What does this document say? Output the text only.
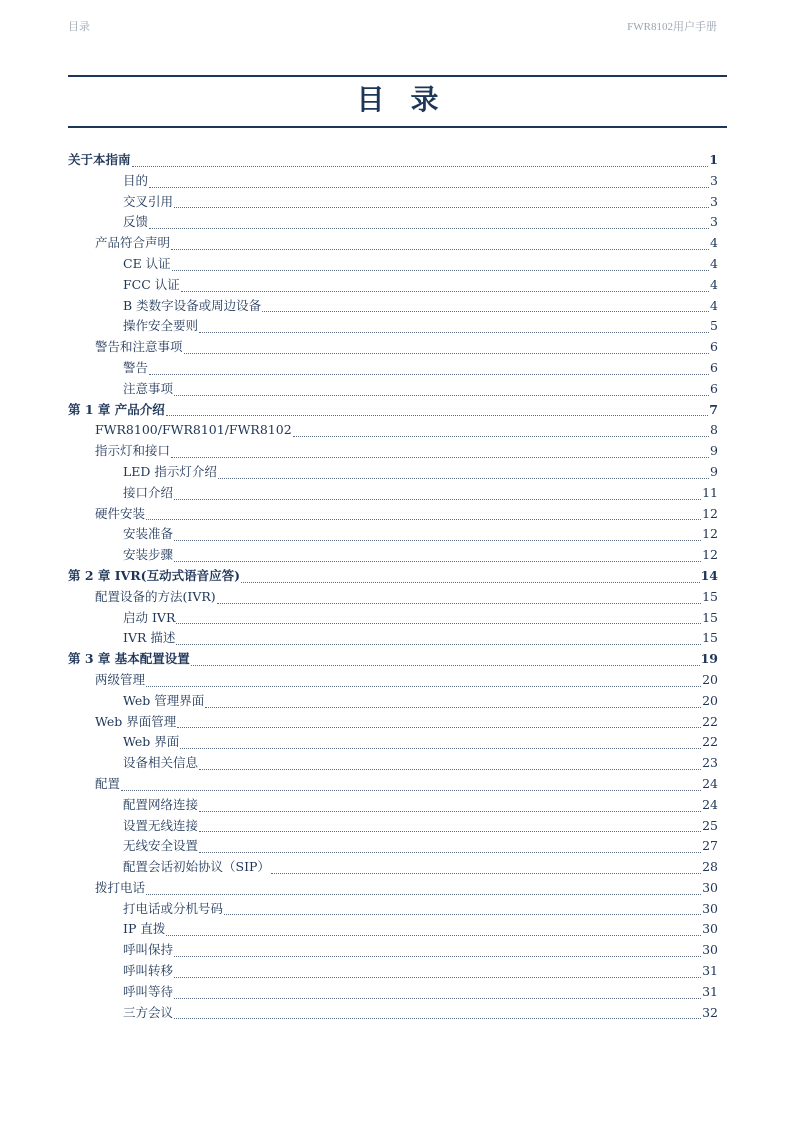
目录	FWR8102用户手册
目录
关于本指南	1
目的	3
交叉引用	3
反馈	3
产品符合声明	4
CE 认证	4
FCC 认证	4
B 类数字设备或周边设备	4
操作安全要则	5
警告和注意事项	6
警告	6
注意事项	6
第 1 章 产品介绍	7
FWR8100/FWR8101/FWR8102	8
指示灯和接口	9
LED 指示灯介绍	9
接口介绍	11
硬件安装	12
安装准备	12
安装步骤	12
第 2 章 IVR(互动式语音应答)	14
配置设备的方法(IVR)	15
启动 IVR	15
IVR 描述	15
第 3 章 基本配置设置	19
两级管理	20
Web 管理界面	20
Web 界面管理	22
Web 界面	22
设备相关信息	23
配置	24
配置网络连接	24
设置无线连接	25
无线安全设置	27
配置会话初始协议（SIP）	28
拨打电话	30
打电话或分机号码	30
IP 直拨	30
呼叫保持	30
呼叫转移	31
呼叫等待	31
三方会议	32
